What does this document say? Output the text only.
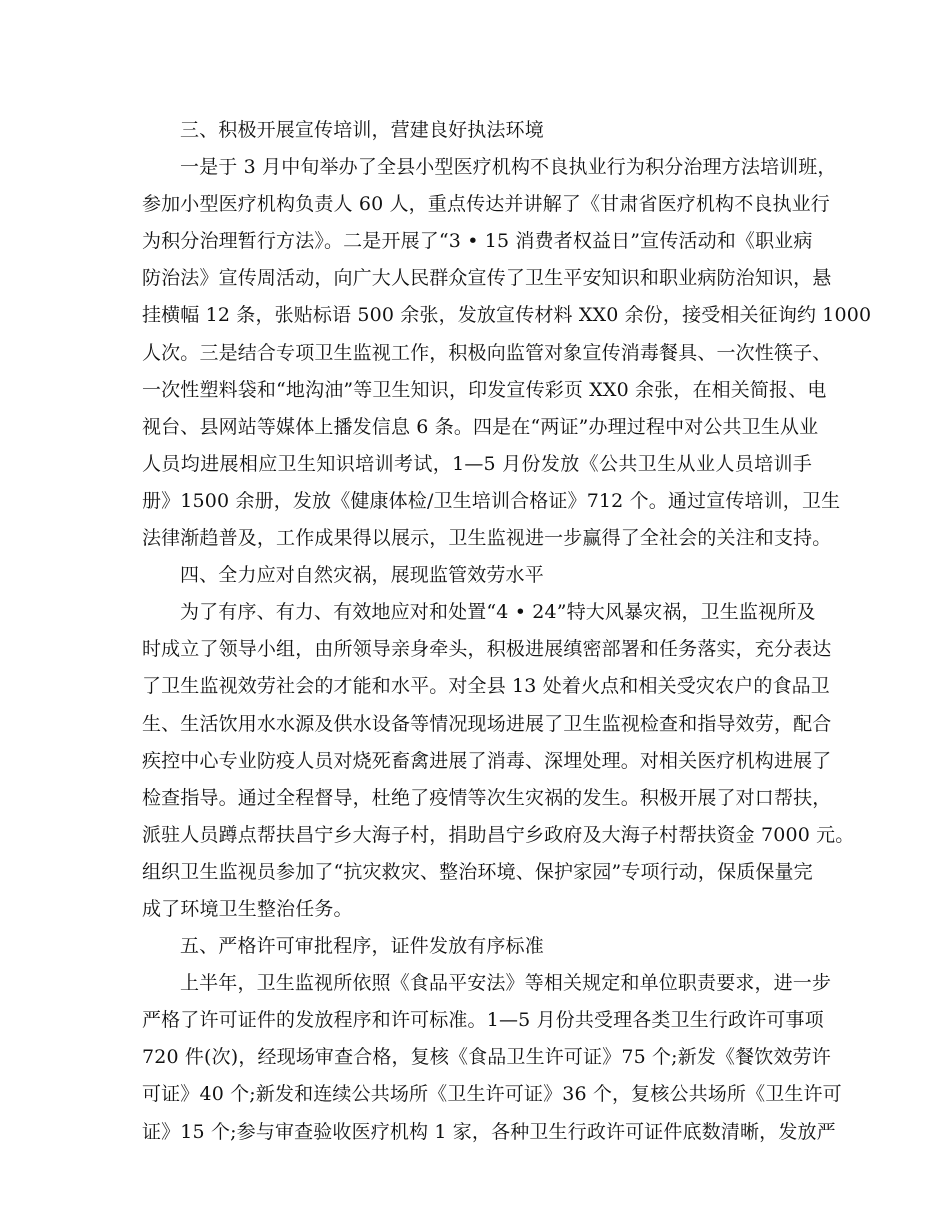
三、积极开展宣传培训，营建良好执法环境
一是于 3 月中旬举办了全县小型医疗机构不良执业行为积分治理方法培训班，
参加小型医疗机构负责人 60 人，重点传达并讲解了《甘肃省医疗机构不良执业行
为积分治理暂行方法》。二是开展了“3 • 15 消费者权益日”宣传活动和《职业病
防治法》宣传周活动，向广大人民群众宣传了卫生平安知识和职业病防治知识，悬
挂横幅 12 条，张贴标语 500 余张，发放宣传材料 XX0 余份，接受相关征询约 1000
人次。三是结合专项卫生监视工作，积极向监管对象宣传消毒餐具、一次性筷子、
一次性塑料袋和“地沟油”等卫生知识，印发宣传彩页 XX0 余张，在相关简报、电
视台、县网站等媒体上播发信息 6 条。四是在“两证”办理过程中对公共卫生从业
人员均进展相应卫生知识培训考试，1—5 月份发放《公共卫生从业人员培训手
册》1500 余册，发放《健康体检/卫生培训合格证》712 个。通过宣传培训，卫生
法律渐趋普及，工作成果得以展示，卫生监视进一步赢得了全社会的关注和支持。
四、全力应对自然灾祸，展现监管效劳水平
为了有序、有力、有效地应对和处置“4 • 24”特大风暴灾祸，卫生监视所及
时成立了领导小组，由所领导亲身牵头，积极进展缜密部署和任务落实，充分表达
了卫生监视效劳社会的才能和水平。对全县 13 处着火点和相关受灾农户的食品卫
生、生活饮用水水源及供水设备等情况现场进展了卫生监视检查和指导效劳，配合
疾控中心专业防疫人员对烧死畜禽进展了消毒、深埋处理。对相关医疗机构进展了
检查指导。通过全程督导，杜绝了疫情等次生灾祸的发生。积极开展了对口帮扶，
派驻人员蹲点帮扶昌宁乡大海子村，捐助昌宁乡政府及大海子村帮扶资金 7000 元。
组织卫生监视员参加了“抗灾救灾、整治环境、保护家园”专项行动，保质保量完
成了环境卫生整治任务。
五、严格许可审批程序，证件发放有序标准
上半年，卫生监视所依照《食品平安法》等相关规定和单位职责要求，进一步
严格了许可证件的发放程序和许可标准。1—5 月份共受理各类卫生行政许可事项
720 件(次)，经现场审查合格，复核《食品卫生许可证》75 个;新发《餐饮效劳许
可证》40 个;新发和连续公共场所《卫生许可证》36 个，复核公共场所《卫生许可
证》15 个;参与审查验收医疗机构 1 家，各种卫生行政许可证件底数清晰，发放严
